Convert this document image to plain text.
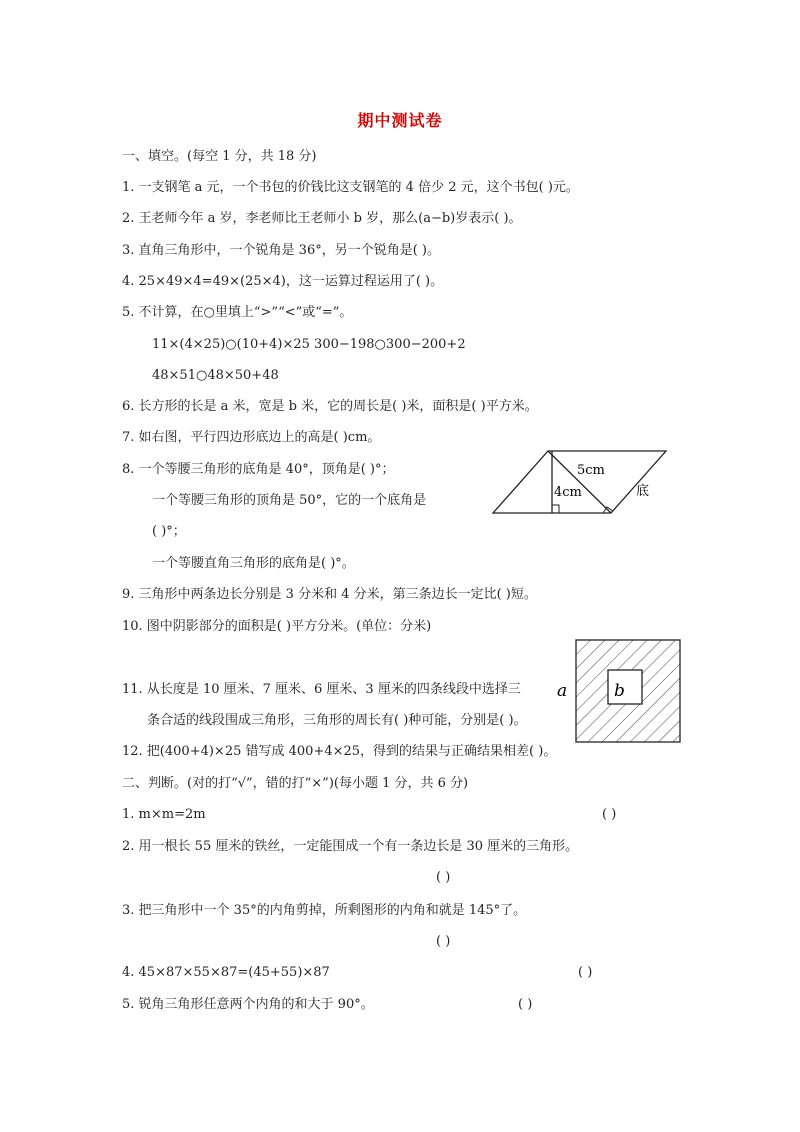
期中测试卷
一、填空。(每空 1 分，共 18 分)
1. 一支钢笔 a 元，一个书包的价钱比这支钢笔的 4 倍少 2 元，这个书包( )元。
2. 王老师今年 a 岁，李老师比王老师小 b 岁，那么(a−b)岁表示( )。
3. 直角三角形中，一个锐角是 36°，另一个锐角是( )。
4. 25×49×4=49×(25×4)，这一运算过程运用了( )。
5. 不计算，在○里填上“>”“<”或“=”。
11×(4×25)○(10+4)×25 300−198○300−200+2
48×51○48×50+48
6. 长方形的长是 a 米，宽是 b 米，它的周长是( )米，面积是( )平方米。
7. 如右图，平行四边形底边上的高是( )cm。
8. 一个等腰三角形的底角是 40°，顶角是( )°；
一个等腰三角形的顶角是 50°，它的一个底角是
( )°；
一个等腰直角三角形的底角是( )°。
9. 三角形中两条边长分别是 3 分米和 4 分米，第三条边长一定比( )短。
10. 图中阴影部分的面积是( )平方分米。(单位：分米)
11. 从长度是 10 厘米、7 厘米、6 厘米、3 厘米的四条线段中选择三
条合适的线段围成三角形，三角形的周长有( )种可能，分别是( )。
12. 把(400+4)×25 错写成 400+4×25，得到的结果与正确结果相差( )。
5cm
4cm	底
a	b
二、判断。(对的打“√”，错的打“×”)(每小题 1 分，共 6 分)
1. m×m=2m	( )
2. 用一根长 55 厘米的铁丝，一定能围成一个有一条边长是 30 厘米的三角形。
( )
3. 把三角形中一个 35°的内角剪掉，所剩图形的内角和就是 145°了。
( )
4. 45×87×55×87=(45+55)×87	( )
5. 锐角三角形任意两个内角的和大于 90°。	( )
